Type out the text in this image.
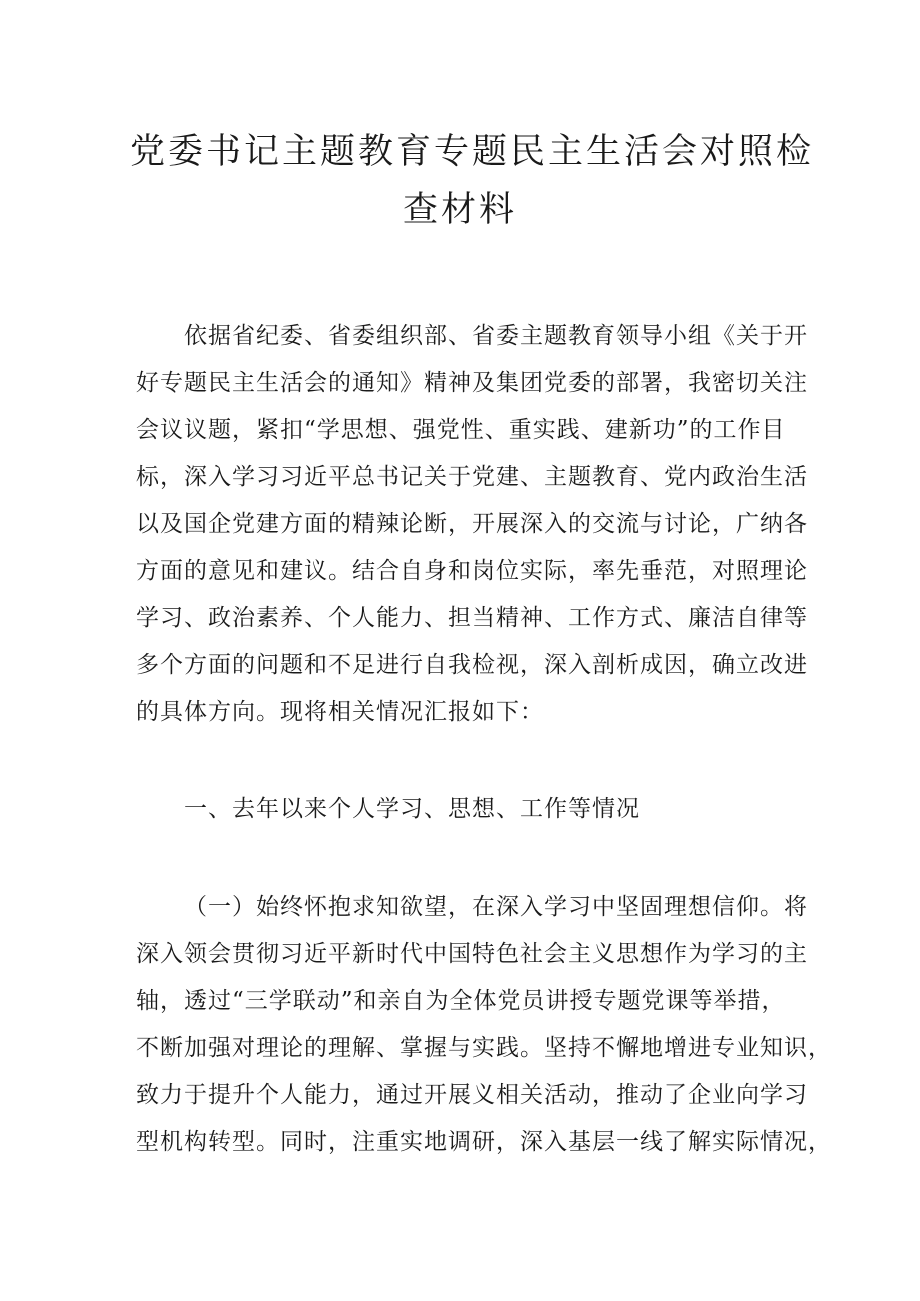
党委书记主题教育专题民主生活会对照检
查材料
依据省纪委、省委组织部、省委主题教育领导小组《关于开
好专题民主生活会的通知》精神及集团党委的部署，我密切关注
会议议题，紧扣“学思想、强党性、重实践、建新功”的工作目
标，深入学习习近平总书记关于党建、主题教育、党内政治生活
以及国企党建方面的精辣论断，开展深入的交流与讨论，广纳各
方面的意见和建议。结合自身和岗位实际，率先垂范，对照理论
学习、政治素养、个人能力、担当精神、工作方式、廉洁自律等
多个方面的问题和不足进行自我检视，深入剖析成因，确立改进
的具体方向。现将相关情况汇报如下：
一、去年以来个人学习、思想、工作等情况
（一）始终怀抱求知欲望，在深入学习中坚固理想信仰。将
深入领会贯彻习近平新时代中国特色社会主义思想作为学习的主
轴，透过“三学联动”和亲自为全体党员讲授专题党课等举措，
不断加强对理论的理解、掌握与实践。坚持不懈地增进专业知识，
致力于提升个人能力，通过开展义相关活动，推动了企业向学习
型机构转型。同时，注重实地调研，深入基层一线了解实际情况，
